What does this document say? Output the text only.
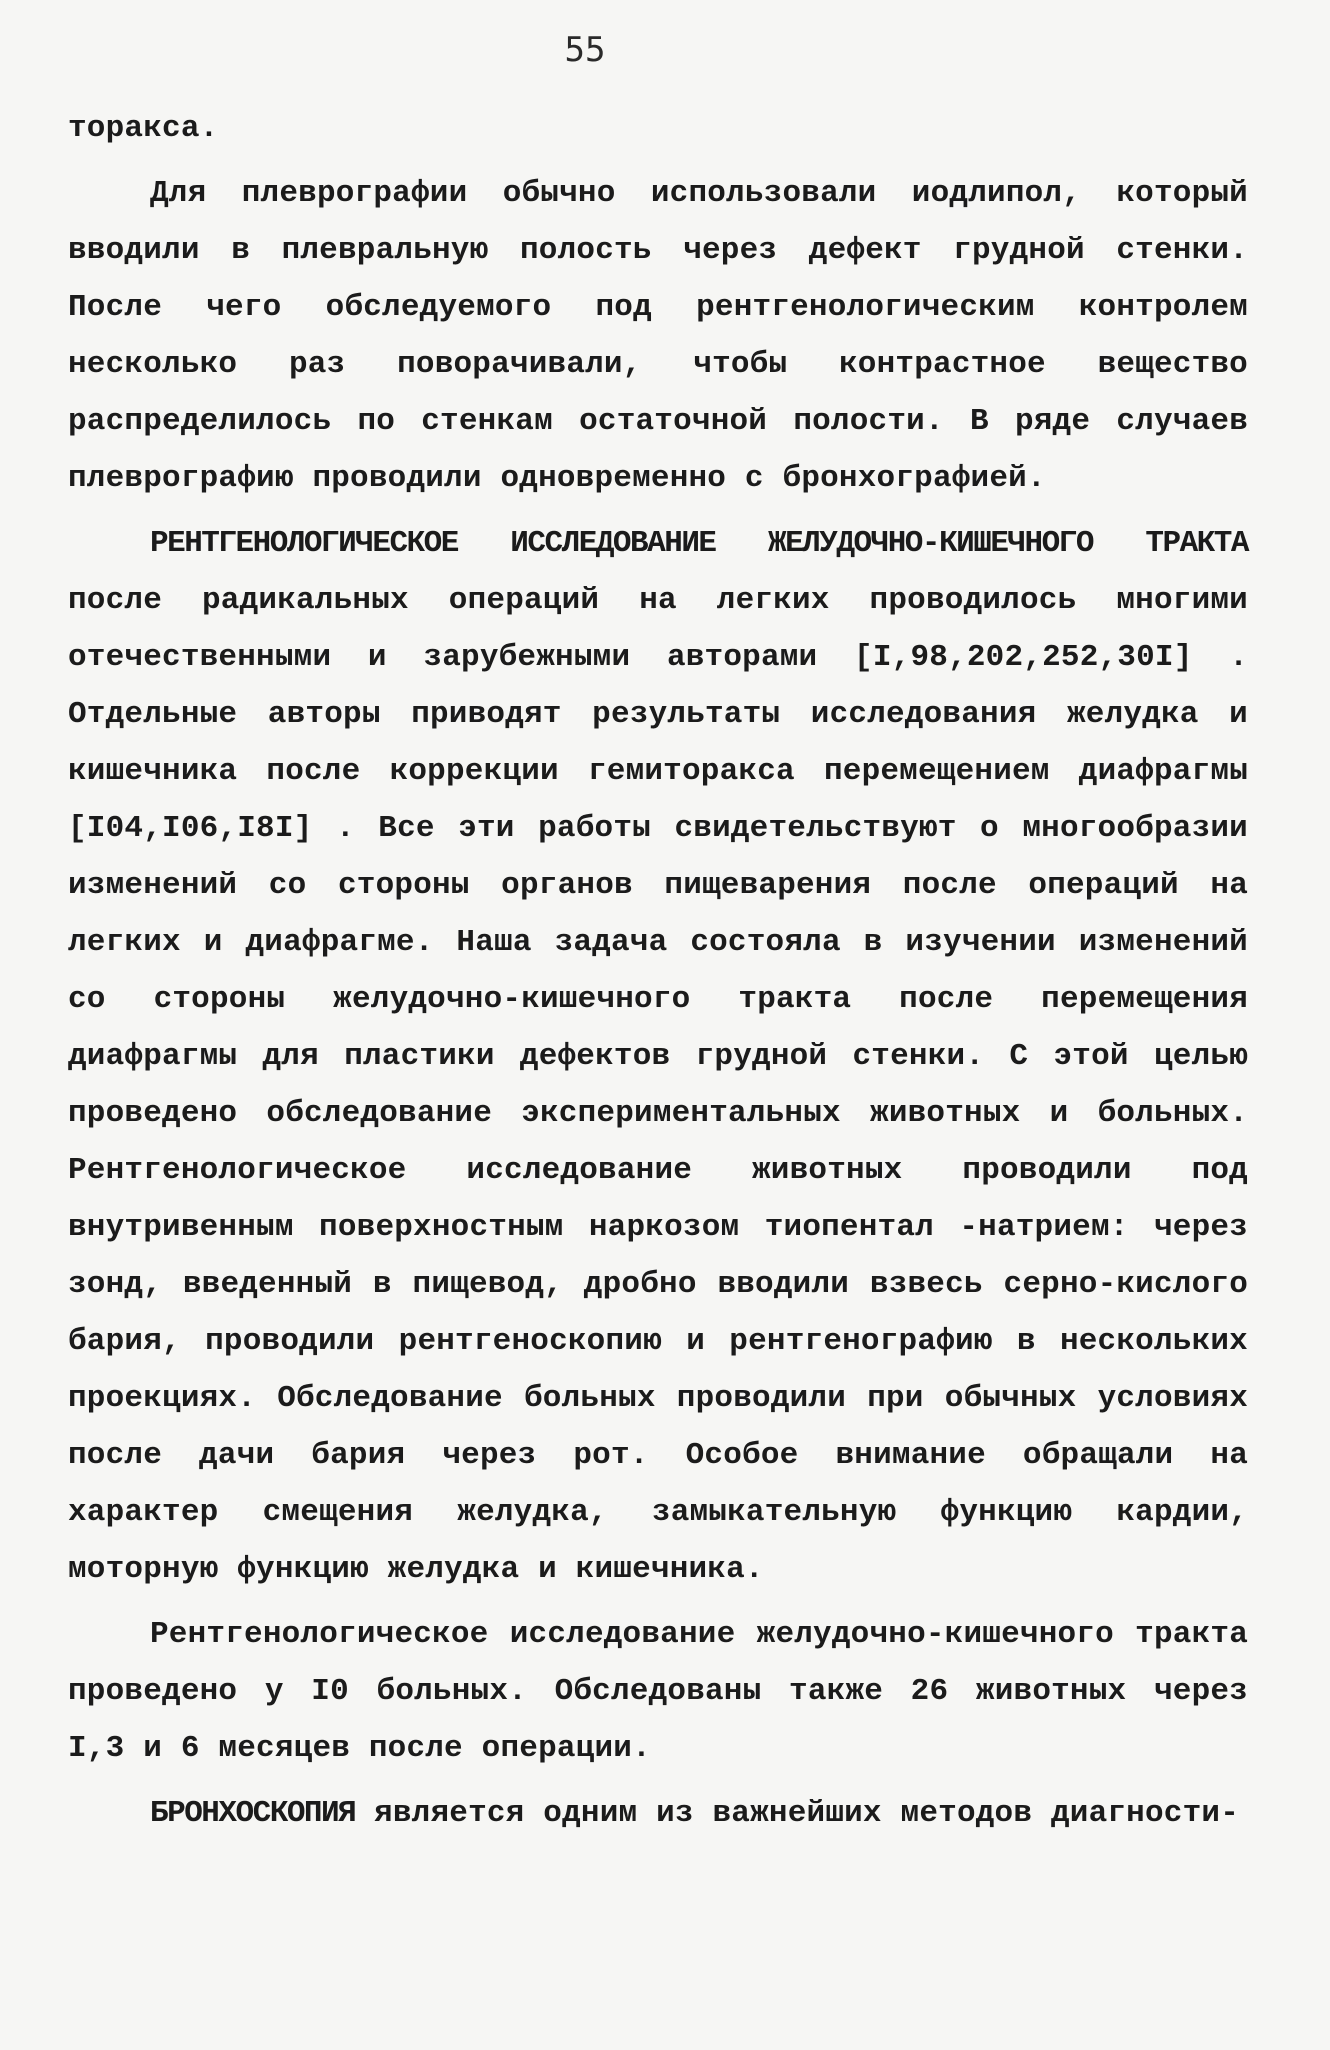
55

торакса.

Для плеврографии обычно использовали иодлипол, который вводили в плевральную полость через дефект грудной стенки. После чего обследуемого под рентгенологическим контролем несколько раз поворачивали, чтобы контрастное вещество распределилось по стенкам остаточной полости. В ряде случаев плеврографию проводили одновременно с бронхографией.

РЕНТГЕНОЛОГИЧЕСКОЕ ИССЛЕДОВАНИЕ ЖЕЛУДОЧНО-КИШЕЧНОГО ТРАКТА после радикальных операций на легких проводилось многими отечественными и зарубежными авторами [I,98,202,252,30I] . Отдельные авторы приводят результаты исследования желудка и кишечника после коррекции гемиторакса перемещением диафрагмы [I04,I06,I8I] . Все эти работы свидетельствуют о многообразии изменений со стороны органов пищеварения после операций на легких и диафрагме. Наша задача состояла в изучении изменений со стороны желудочно-кишечного тракта после перемещения диафрагмы для пластики дефектов грудной стенки. С этой целью проведено обследование экспериментальных животных и больных. Рентгенологическое исследование животных проводили под внутривенным поверхностным наркозом тиопентал -натрием: через зонд, введенный в пищевод, дробно вводили взвесь серно-кислого бария, проводили рентгеноскопию и рентгенографию в нескольких проекциях. Обследование больных проводили при обычных условиях после дачи бария через рот. Особое внимание обращали на характер смещения желудка, замыкательную функцию кардии, моторную функцию желудка и кишечника.

Рентгенологическое исследование желудочно-кишечного тракта проведено у I0 больных. Обследованы также 26 животных через I,3 и 6 месяцев после операции.

БРОНХОСКОПИЯ является одним из важнейших методов диагности-
